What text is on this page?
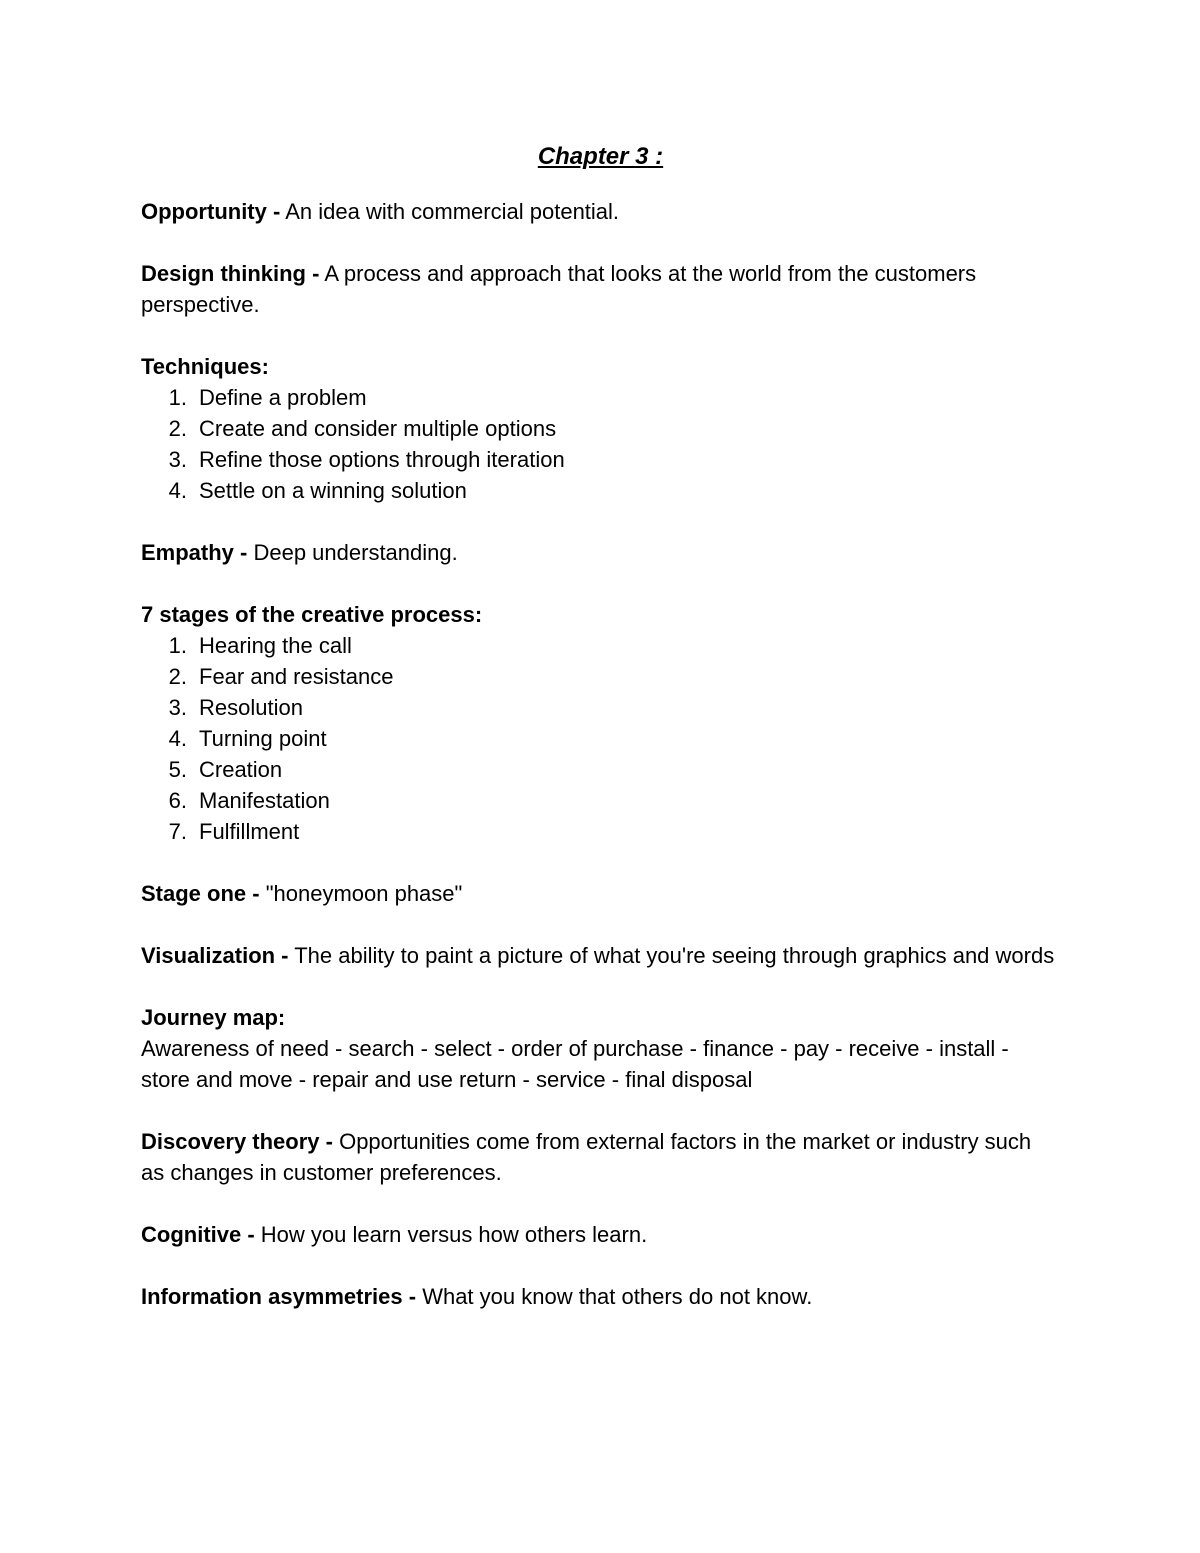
Chapter 3 :
Opportunity - An idea with commercial potential.
Design thinking - A process and approach that looks at the world from the customers perspective.
Techniques:
1. Define a problem
2. Create and consider multiple options
3. Refine those options through iteration
4. Settle on a winning solution
Empathy - Deep understanding.
7 stages of the creative process:
1. Hearing the call
2. Fear and resistance
3. Resolution
4. Turning point
5. Creation
6. Manifestation
7. Fulfillment
Stage one - "honeymoon phase"
Visualization - The ability to paint a picture of what you're seeing through graphics and words
Journey map:
Awareness of need - search - select - order of purchase - finance - pay - receive - install - store and move - repair and use return - service - final disposal
Discovery theory - Opportunities come from external factors in the market or industry such as changes in customer preferences.
Cognitive - How you learn versus how others learn.
Information asymmetries - What you know that others do not know.
